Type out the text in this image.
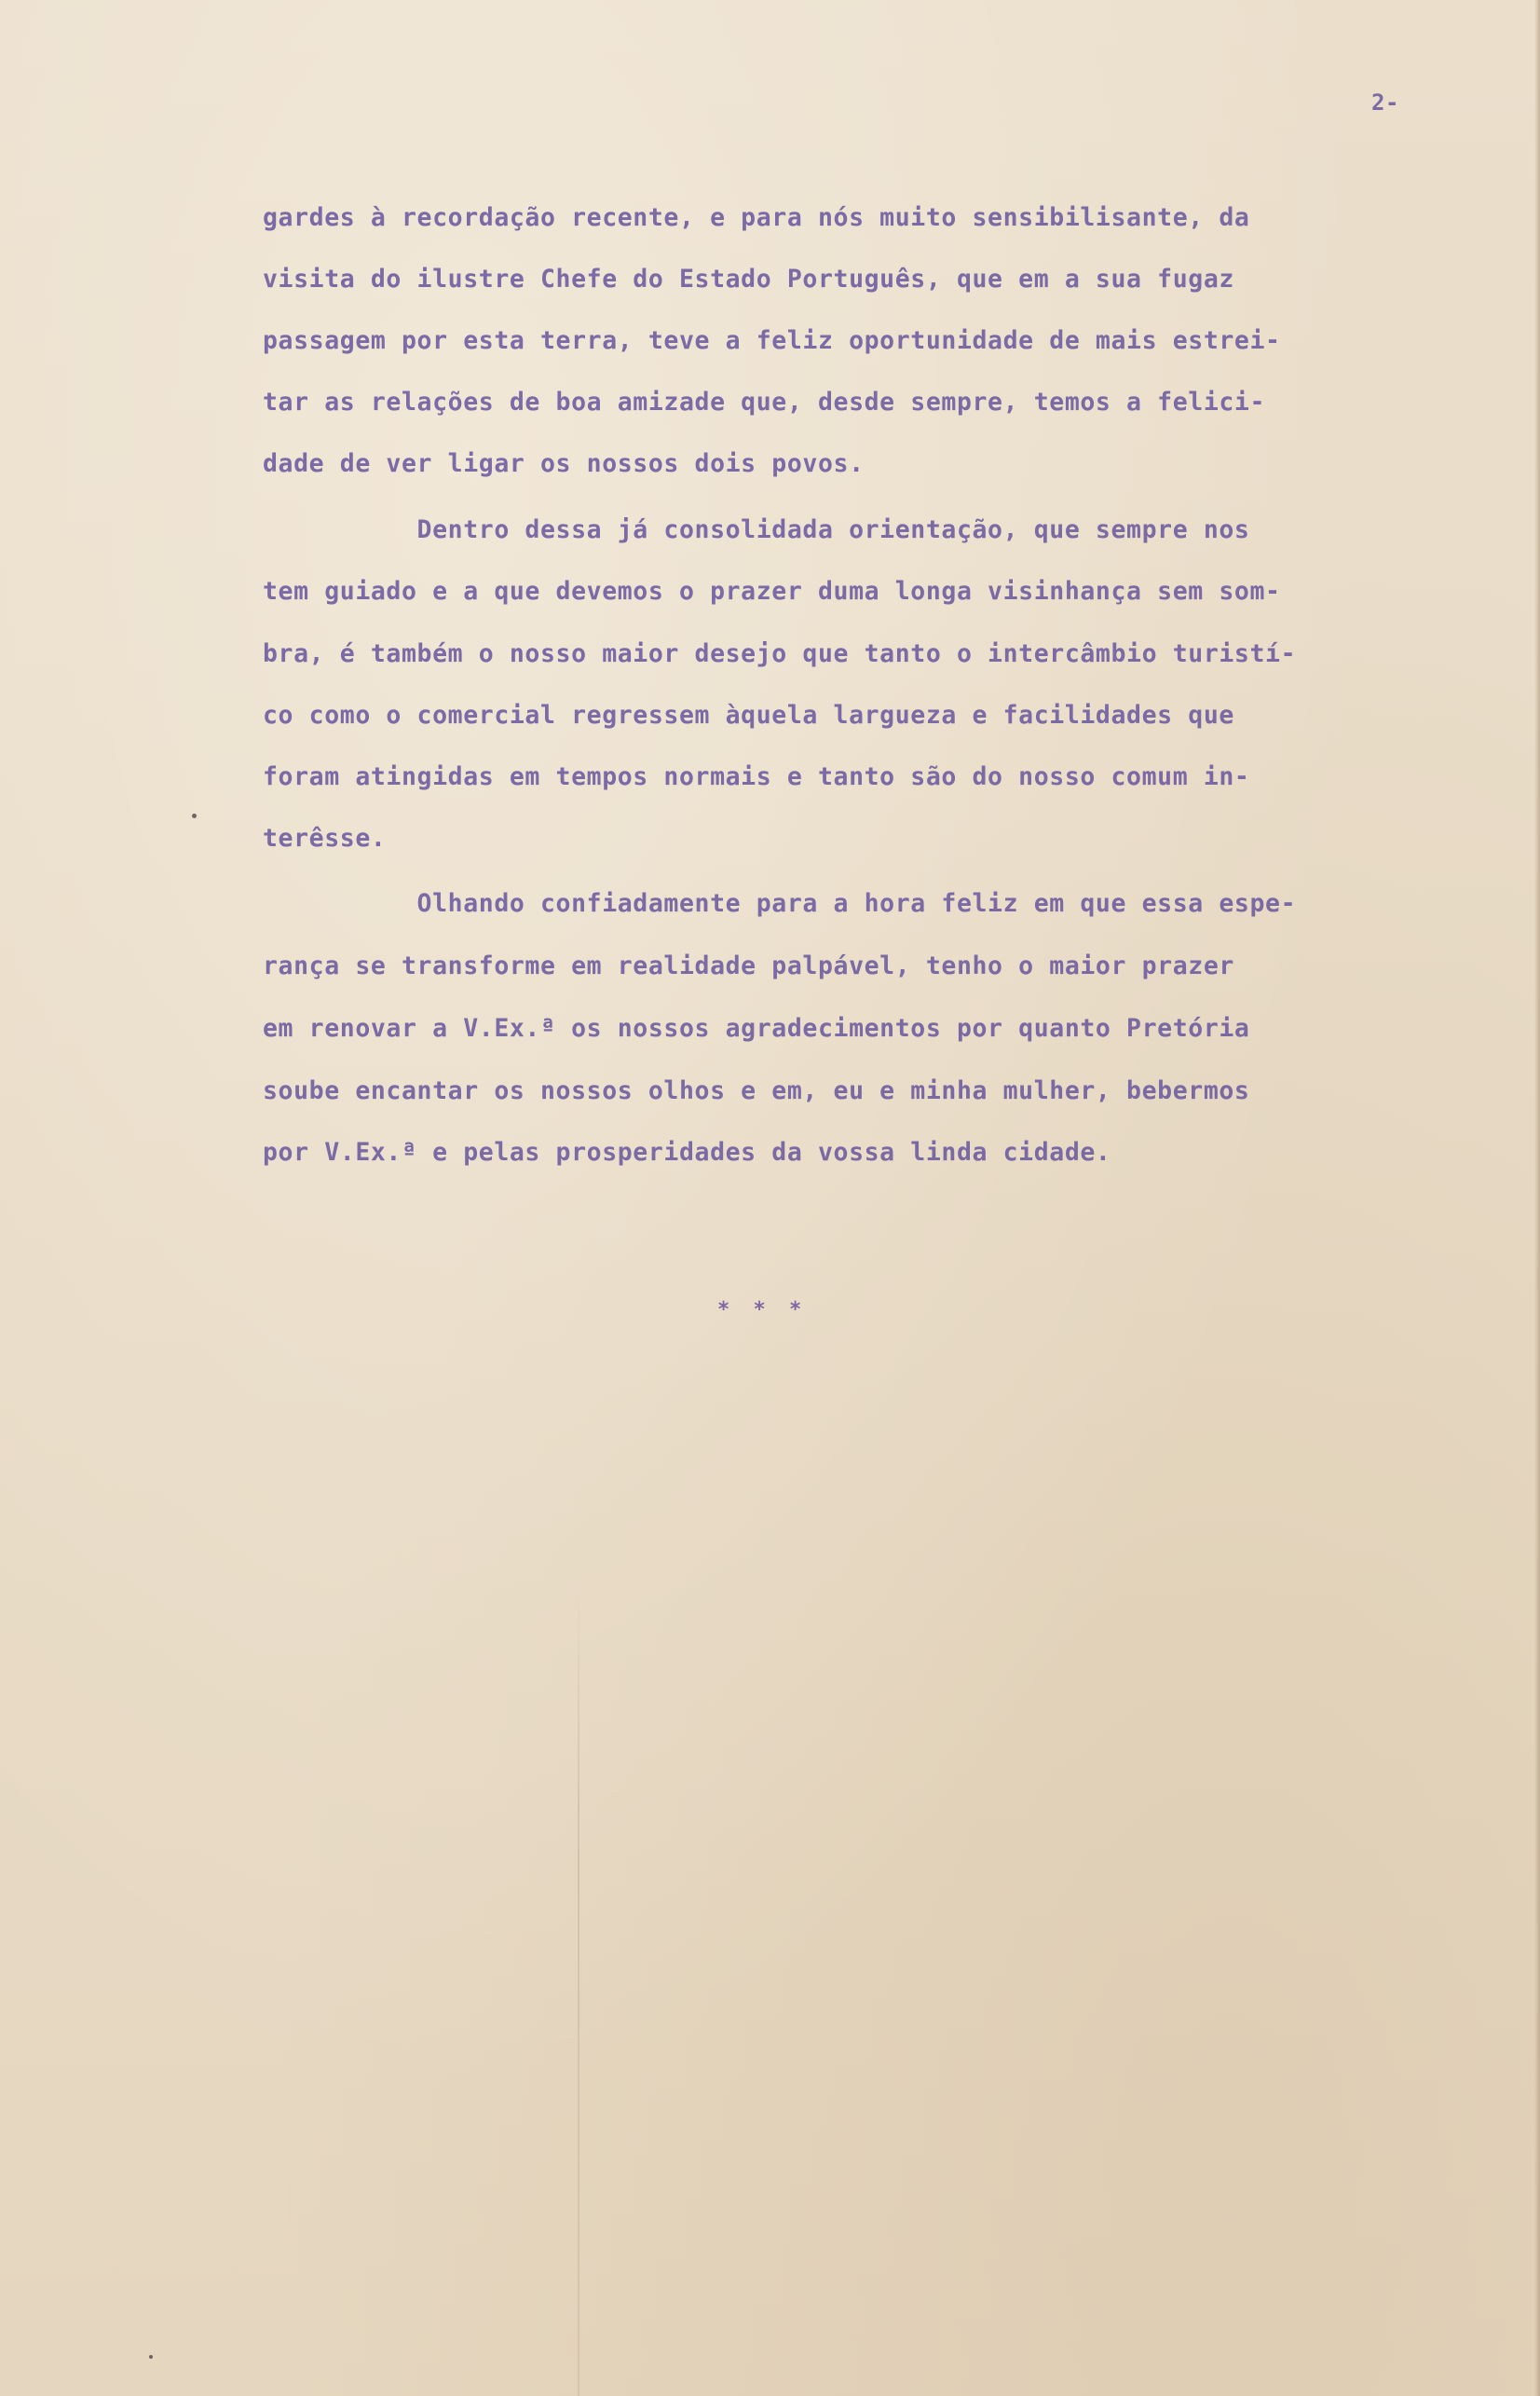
2-
gardes à recordação recente, e para nós muito sensibilisante, da
visita do ilustre Chefe do Estado Português, que em a sua fugaz
passagem por esta terra, teve a feliz oportunidade de mais estrei-
tar as relações de boa amizade que, desde sempre, temos a felici-
dade de ver ligar os nossos dois povos.
Dentro dessa já consolidada orientação, que sempre nos
tem guiado e a que devemos o prazer duma longa visinhança sem som-
bra, é também o nosso maior desejo que tanto o intercâmbio turistí-
co como o comercial regressem àquela largueza e facilidades que
foram atingidas em tempos normais e tanto são do nosso comum in-
terêsse.
Olhando confiadamente para a hora feliz em que essa espe-
rança se transforme em realidade palpável, tenho o maior prazer
em renovar a V.Ex.ª os nossos agradecimentos por quanto Pretória
soube encantar os nossos olhos e em, eu e minha mulher, bebermos
por V.Ex.ª e pelas prosperidades da vossa linda cidade.
* * *
